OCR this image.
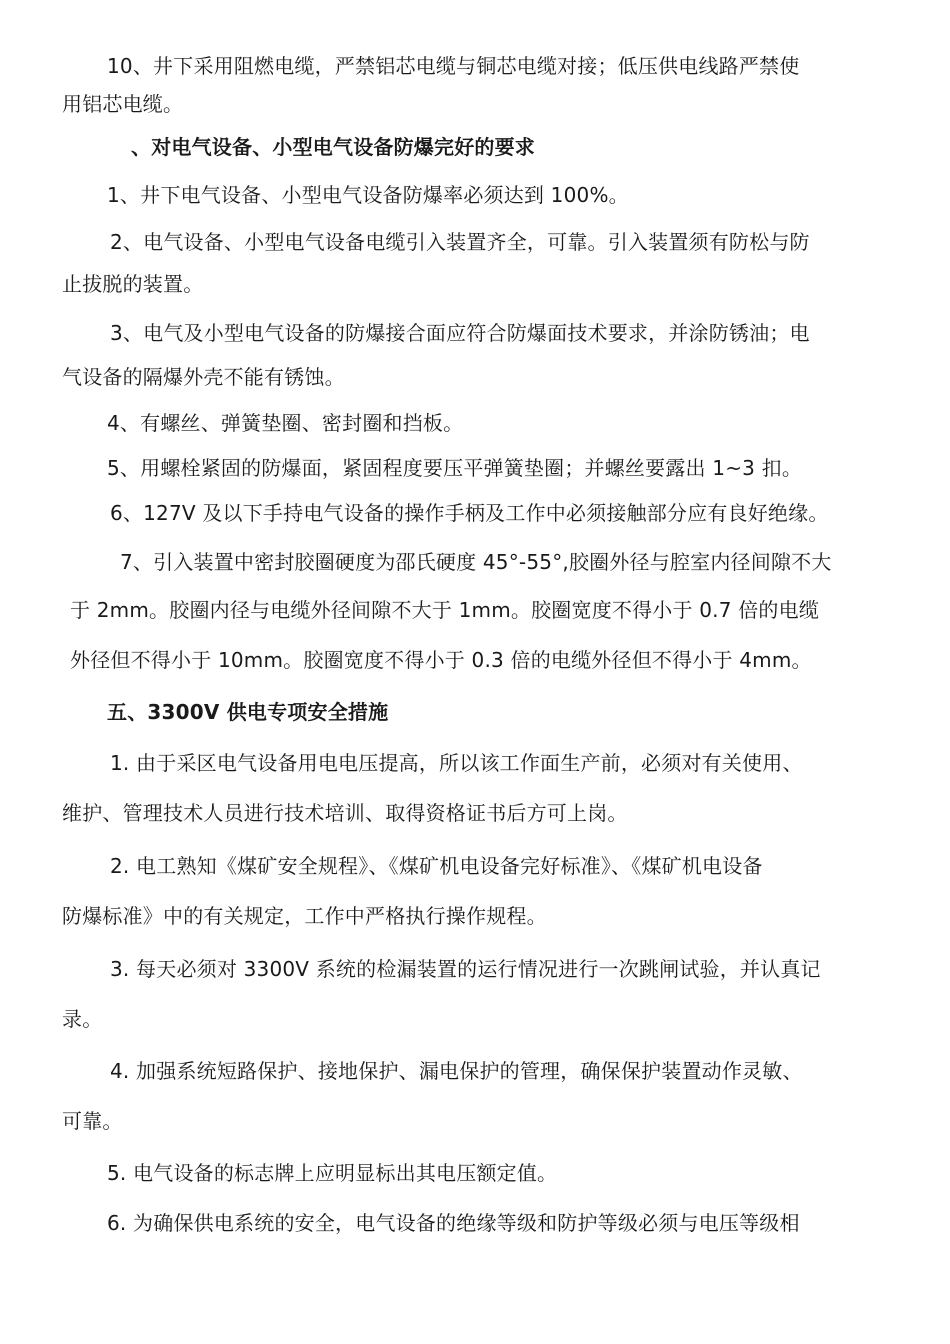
10、井下采用阻燃电缆，严禁铝芯电缆与铜芯电缆对接；低压供电线路严禁使
用铝芯电缆。
、对电气设备、小型电气设备防爆完好的要求
1、井下电气设备、小型电气设备防爆率必须达到 100%。
2、电气设备、小型电气设备电缆引入装置齐全，可靠。引入装置须有防松与防
止拔脱的装置。
3、电气及小型电气设备的防爆接合面应符合防爆面技术要求，并涂防锈油；电
气设备的隔爆外壳不能有锈蚀。
4、有螺丝、弹簧垫圈、密封圈和挡板。
5、用螺栓紧固的防爆面，紧固程度要压平弹簧垫圈；并螺丝要露出 1~3 扣。
6、127V 及以下手持电气设备的操作手柄及工作中必须接触部分应有良好绝缘。
7、引入装置中密封胶圈硬度为邵氏硬度 45°-55°,胶圈外径与腔室内径间隙不大
于 2mm。胶圈内径与电缆外径间隙不大于 1mm。胶圈宽度不得小于 0.7 倍的电缆
外径但不得小于 10mm。胶圈宽度不得小于 0.3 倍的电缆外径但不得小于 4mm。
五、3300V 供电专项安全措施
1. 由于采区电气设备用电电压提高，所以该工作面生产前，必须对有关使用、
维护、管理技术人员进行技术培训、取得资格证书后方可上岗。
2. 电工熟知《煤矿安全规程》、《煤矿机电设备完好标准》、《煤矿机电设备
防爆标准》中的有关规定，工作中严格执行操作规程。
3. 每天必须对 3300V 系统的检漏装置的运行情况进行一次跳闸试验，并认真记
录。
4. 加强系统短路保护、接地保护、漏电保护的管理，确保保护装置动作灵敏、
可靠。
5. 电气设备的标志牌上应明显标出其电压额定值。
6. 为确保供电系统的安全，电气设备的绝缘等级和防护等级必须与电压等级相
